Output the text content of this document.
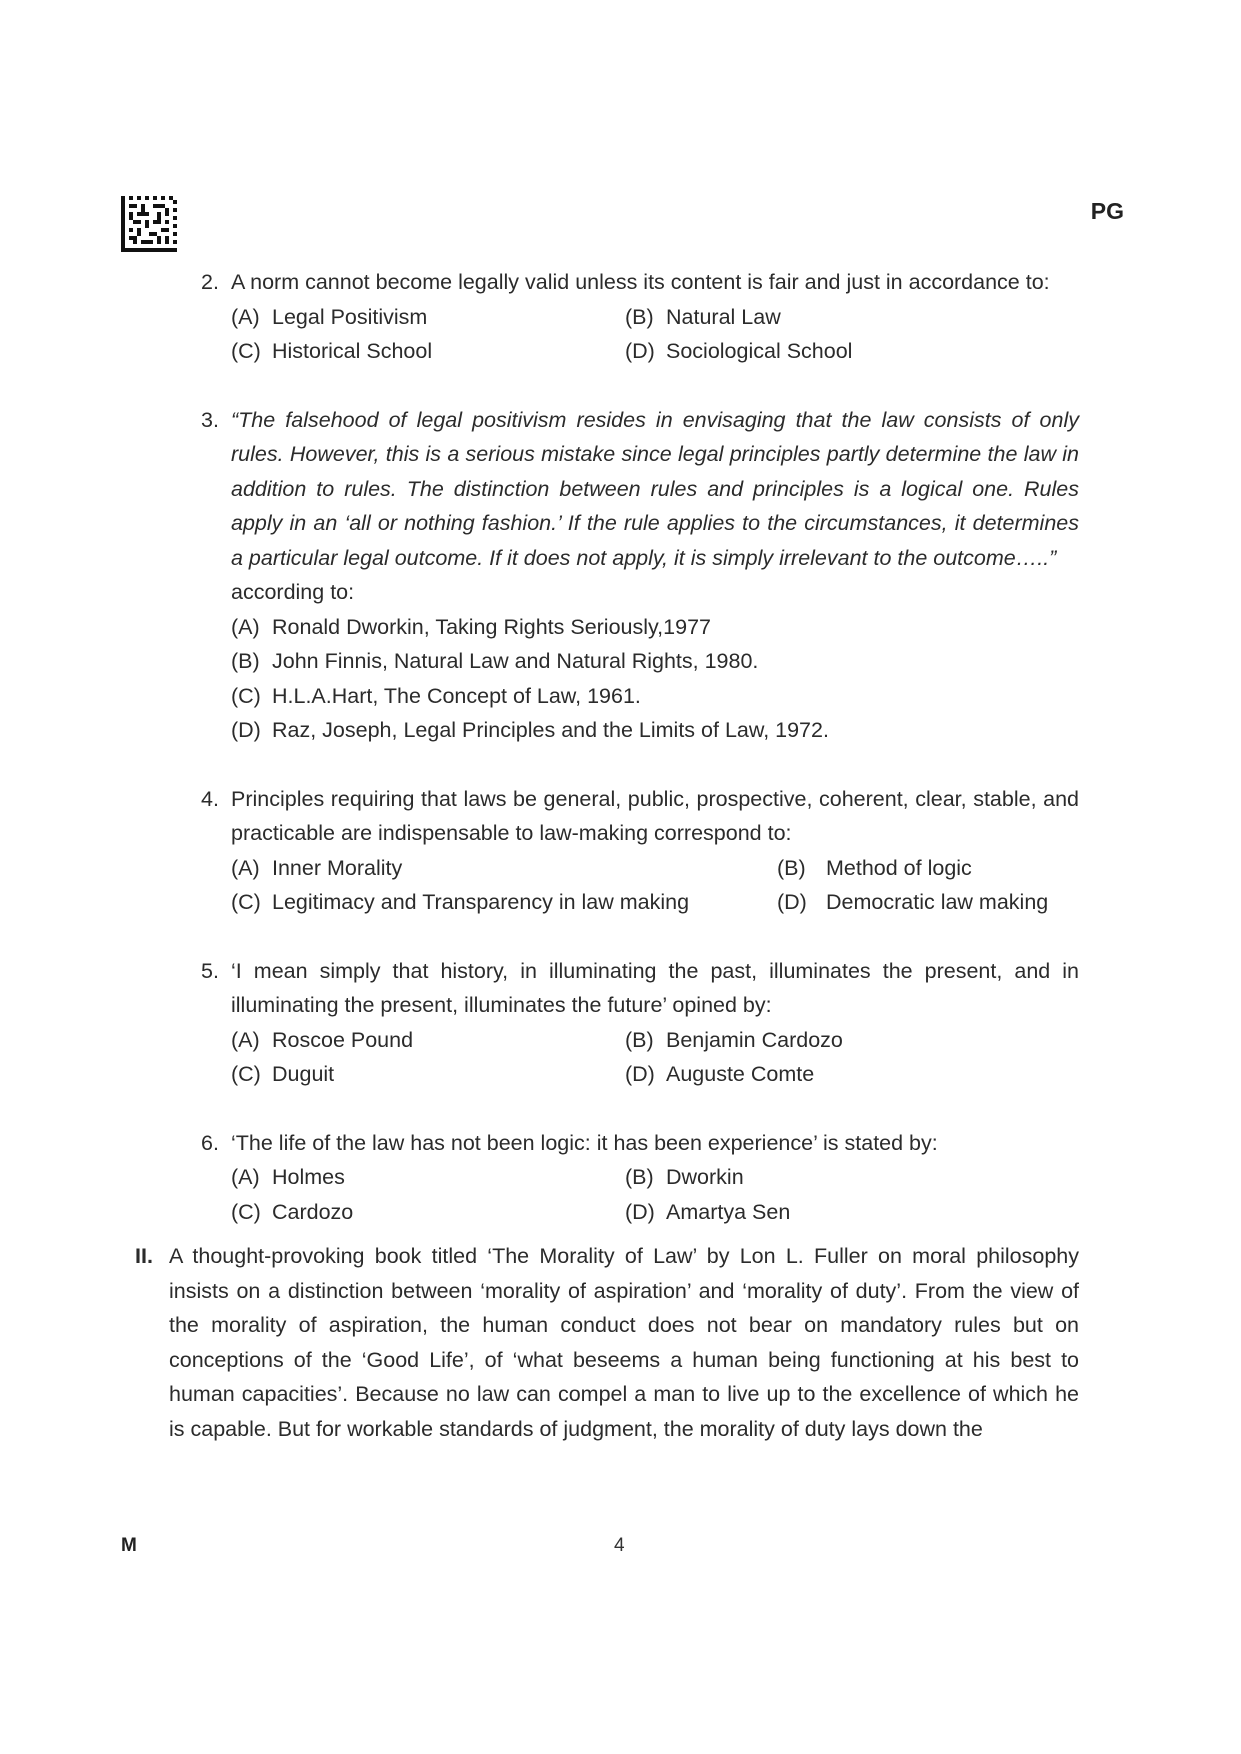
PG
2. A norm cannot become legally valid unless its content is fair and just in accordance to:

(A) Legal Positivism	(B) Natural Law
(C) Historical School	(D) Sociological School
3. “The falsehood of legal positivism resides in envisaging that the law consists of only rules. However, this is a serious mistake since legal principles partly determine the law in addition to rules. The distinction between rules and principles is a logical one. Rules apply in an ‘all or nothing fashion.’ If the rule applies to the circumstances, it determines a particular legal outcome. If it does not apply, it is simply irrelevant to the outcome…..”

according to:

(A) Ronald Dworkin, Taking Rights Seriously,1977
(B) John Finnis, Natural Law and Natural Rights, 1980.
(C) H.L.A.Hart, The Concept of Law, 1961.
(D) Raz, Joseph, Legal Principles and the Limits of Law, 1972.
4. Principles requiring that laws be general, public, prospective, coherent, clear, stable, and practicable are indispensable to law-making correspond to:

(A) Inner Morality	(B) Method of logic
(C) Legitimacy and Transparency in law making	(D) Democratic law making
5. ‘I mean simply that history, in illuminating the past, illuminates the present, and in illuminating the present, illuminates the future’ opined by:

(A) Roscoe Pound	(B) Benjamin Cardozo
(C) Duguit	(D) Auguste Comte
6. ‘The life of the law has not been logic: it has been experience’ is stated by:

(A) Holmes	(B) Dworkin
(C) Cardozo	(D) Amartya Sen
II. A thought-provoking book titled ‘The Morality of Law’ by Lon L. Fuller on moral philosophy insists on a distinction between ‘morality of aspiration’ and ‘morality of duty’. From the view of the morality of aspiration, the human conduct does not bear on mandatory rules but on conceptions of the ‘Good Life’, of ‘what beseems a human being functioning at his best to human capacities’. Because no law can compel a man to live up to the excellence of which he is capable. But for workable standards of judgment, the morality of duty lays down the

M	4
